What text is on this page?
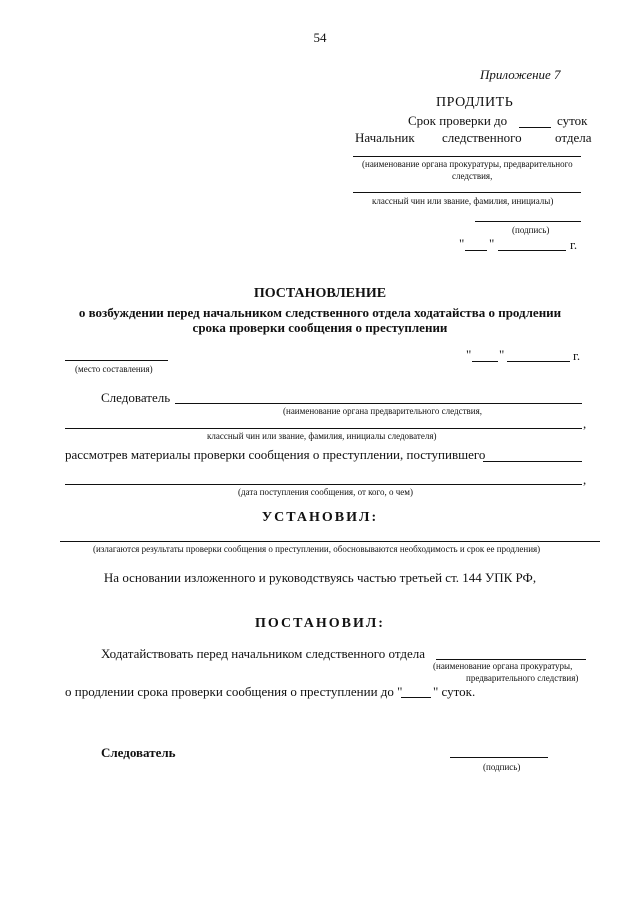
54
Приложение 7
ПРОДЛИТЬ
Срок проверки до	суток
Начальник следственного	отдела
(наименование органа прокуратуры, предварительного
следствия,
классный чин или звание, фамилия, инициалы)
(подпись)
" "	г.
ПОСТАНОВЛЕНИЕ
о возбуждении перед начальником следственного отдела ходатайства о продлении
срока проверки сообщения о преступлении
(место составления)
" "	г.
Следователь
(наименование органа предварительного следствия,
,
классный чин или звание, фамилия, инициалы следователя)
рассмотрев материалы проверки сообщения о преступлении, поступившего
,
(дата поступления сообщения, от кого, о чем)
УСТАНОВИЛ:
(излагаются результаты проверки сообщения о преступлении, обосновываются необходимость и срок ее продления)
На основании изложенного и руководствуясь частью третьей ст. 144 УПК РФ,
ПОСТАНОВИЛ:
Ходатайствовать перед начальником следственного отдела
(наименование органа прокуратуры,
предварительного следствия)
о продлении срока проверки сообщения о преступлении до " " суток.
Следователь
(подпись)
